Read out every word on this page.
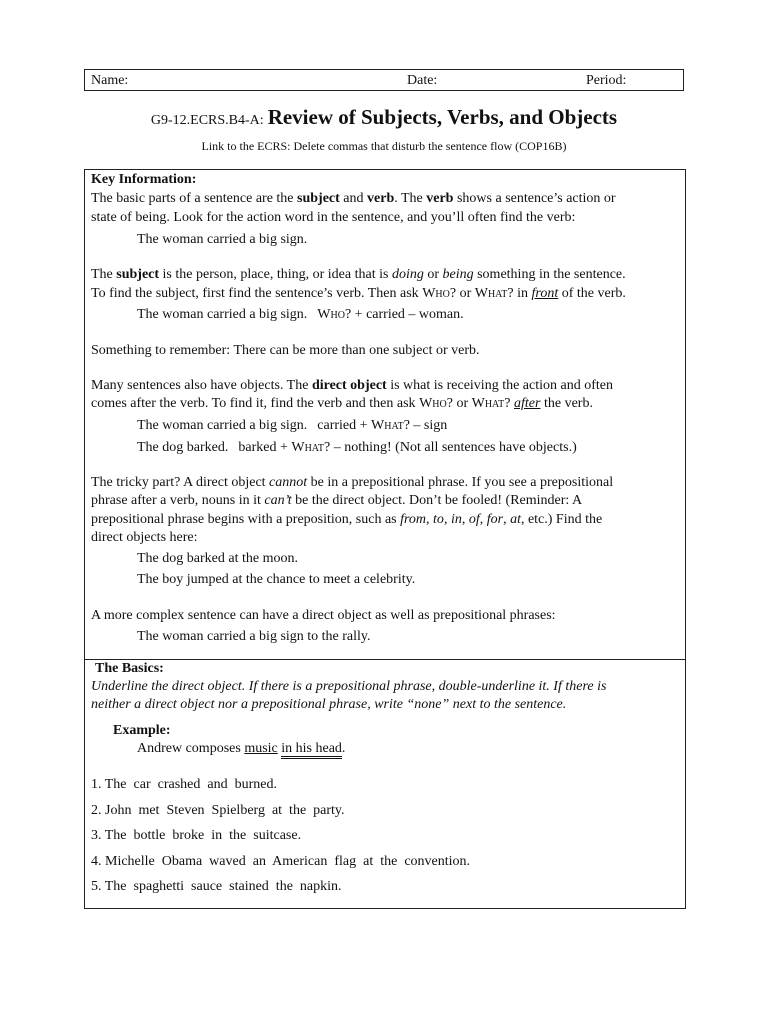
Name:	Date:	Period:
G9-12.ECRS.B4-A: Review of Subjects, Verbs, and Objects
Link to the ECRS: Delete commas that disturb the sentence flow (COP16B)
Key Information:
The basic parts of a sentence are the subject and verb. The verb shows a sentence’s action or
state of being. Look for the action word in the sentence, and you’ll often find the verb:
The woman carried a big sign.
The subject is the person, place, thing, or idea that is doing or being something in the sentence.
To find the subject, first find the sentence’s verb. Then ask Who? or What? in front of the verb.
The woman carried a big sign. Who? + carried – woman.
Something to remember: There can be more than one subject or verb.
Many sentences also have objects. The direct object is what is receiving the action and often
comes after the verb. To find it, find the verb and then ask Who? or What? after the verb.
The woman carried a big sign. carried + What? – sign
The dog barked. barked + What? – nothing! (Not all sentences have objects.)
The tricky part? A direct object cannot be in a prepositional phrase. If you see a prepositional
phrase after a verb, nouns in it can’t be the direct object. Don’t be fooled! (Reminder: A
prepositional phrase begins with a preposition, such as from, to, in, of, for, at, etc.) Find the
direct objects here:
The dog barked at the moon.
The boy jumped at the chance to meet a celebrity.
A more complex sentence can have a direct object as well as prepositional phrases:
The woman carried a big sign to the rally.
The Basics:
Underline the direct object. If there is a prepositional phrase, double-underline it. If there is
neither a direct object nor a prepositional phrase, write “none” next to the sentence.
Example:
Andrew composes music in his head.
1. The  car  crashed  and  burned.
2. John  met  Steven  Spielberg  at  the  party.
3. The  bottle  broke  in  the  suitcase.
4. Michelle  Obama  waved  an  American  flag  at  the  convention.
5. The  spaghetti  sauce  stained  the  napkin.
